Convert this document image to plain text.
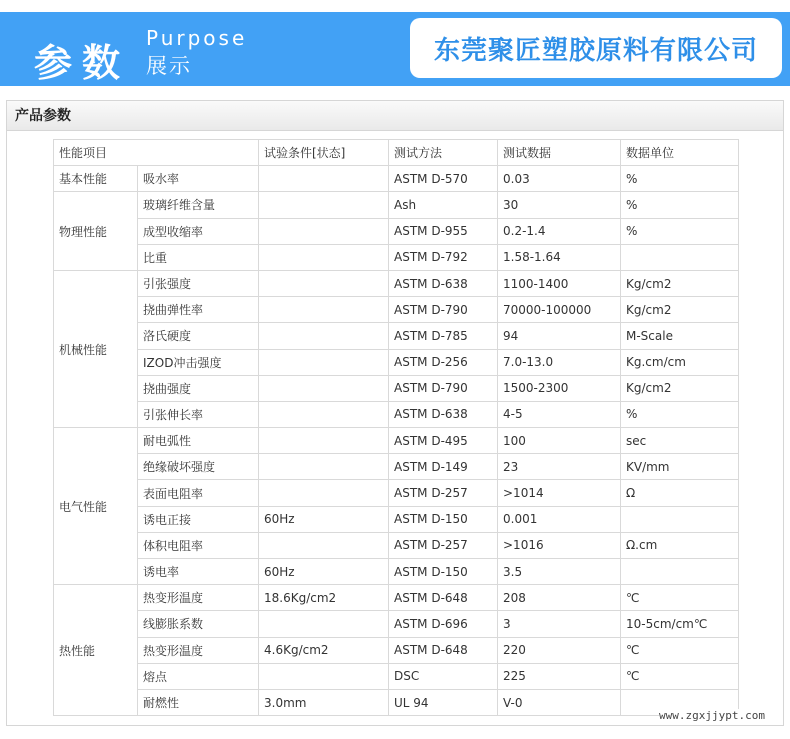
参数
Purpose
展示
东莞聚匠塑胶原料有限公司
产品参数
性能项目		试验条件[状态]	测试方法	测试数据	数据单位
基本性能	吸水率		ASTM D-570	0.03	%
物理性能	玻璃纤维含量		Ash	30	%
	成型收缩率		ASTM D-955	0.2-1.4	%
	比重		ASTM D-792	1.58-1.64	
机械性能	引张强度		ASTM D-638	1100-1400	Kg/cm2
	挠曲弹性率		ASTM D-790	70000-100000	Kg/cm2
	洛氏硬度		ASTM D-785	94	M-Scale
	IZOD冲击强度		ASTM D-256	7.0-13.0	Kg.cm/cm
	挠曲强度		ASTM D-790	1500-2300	Kg/cm2
	引张伸长率		ASTM D-638	4-5	%
电气性能	耐电弧性		ASTM D-495	100	sec
	绝缘破坏强度		ASTM D-149	23	KV/mm
	表面电阻率		ASTM D-257	>1014	Ω
	诱电正接	60Hz	ASTM D-150	0.001	
	体积电阻率		ASTM D-257	>1016	Ω.cm
	诱电率	60Hz	ASTM D-150	3.5	
热性能	热变形温度	18.6Kg/cm2	ASTM D-648	208	℃
	线膨胀系数		ASTM D-696	3	10-5cm/cm℃
	热变形温度	4.6Kg/cm2	ASTM D-648	220	℃
	熔点		DSC	225	℃
	耐燃性	3.0mm	UL 94	V-0	
www.zgxjjypt.com
